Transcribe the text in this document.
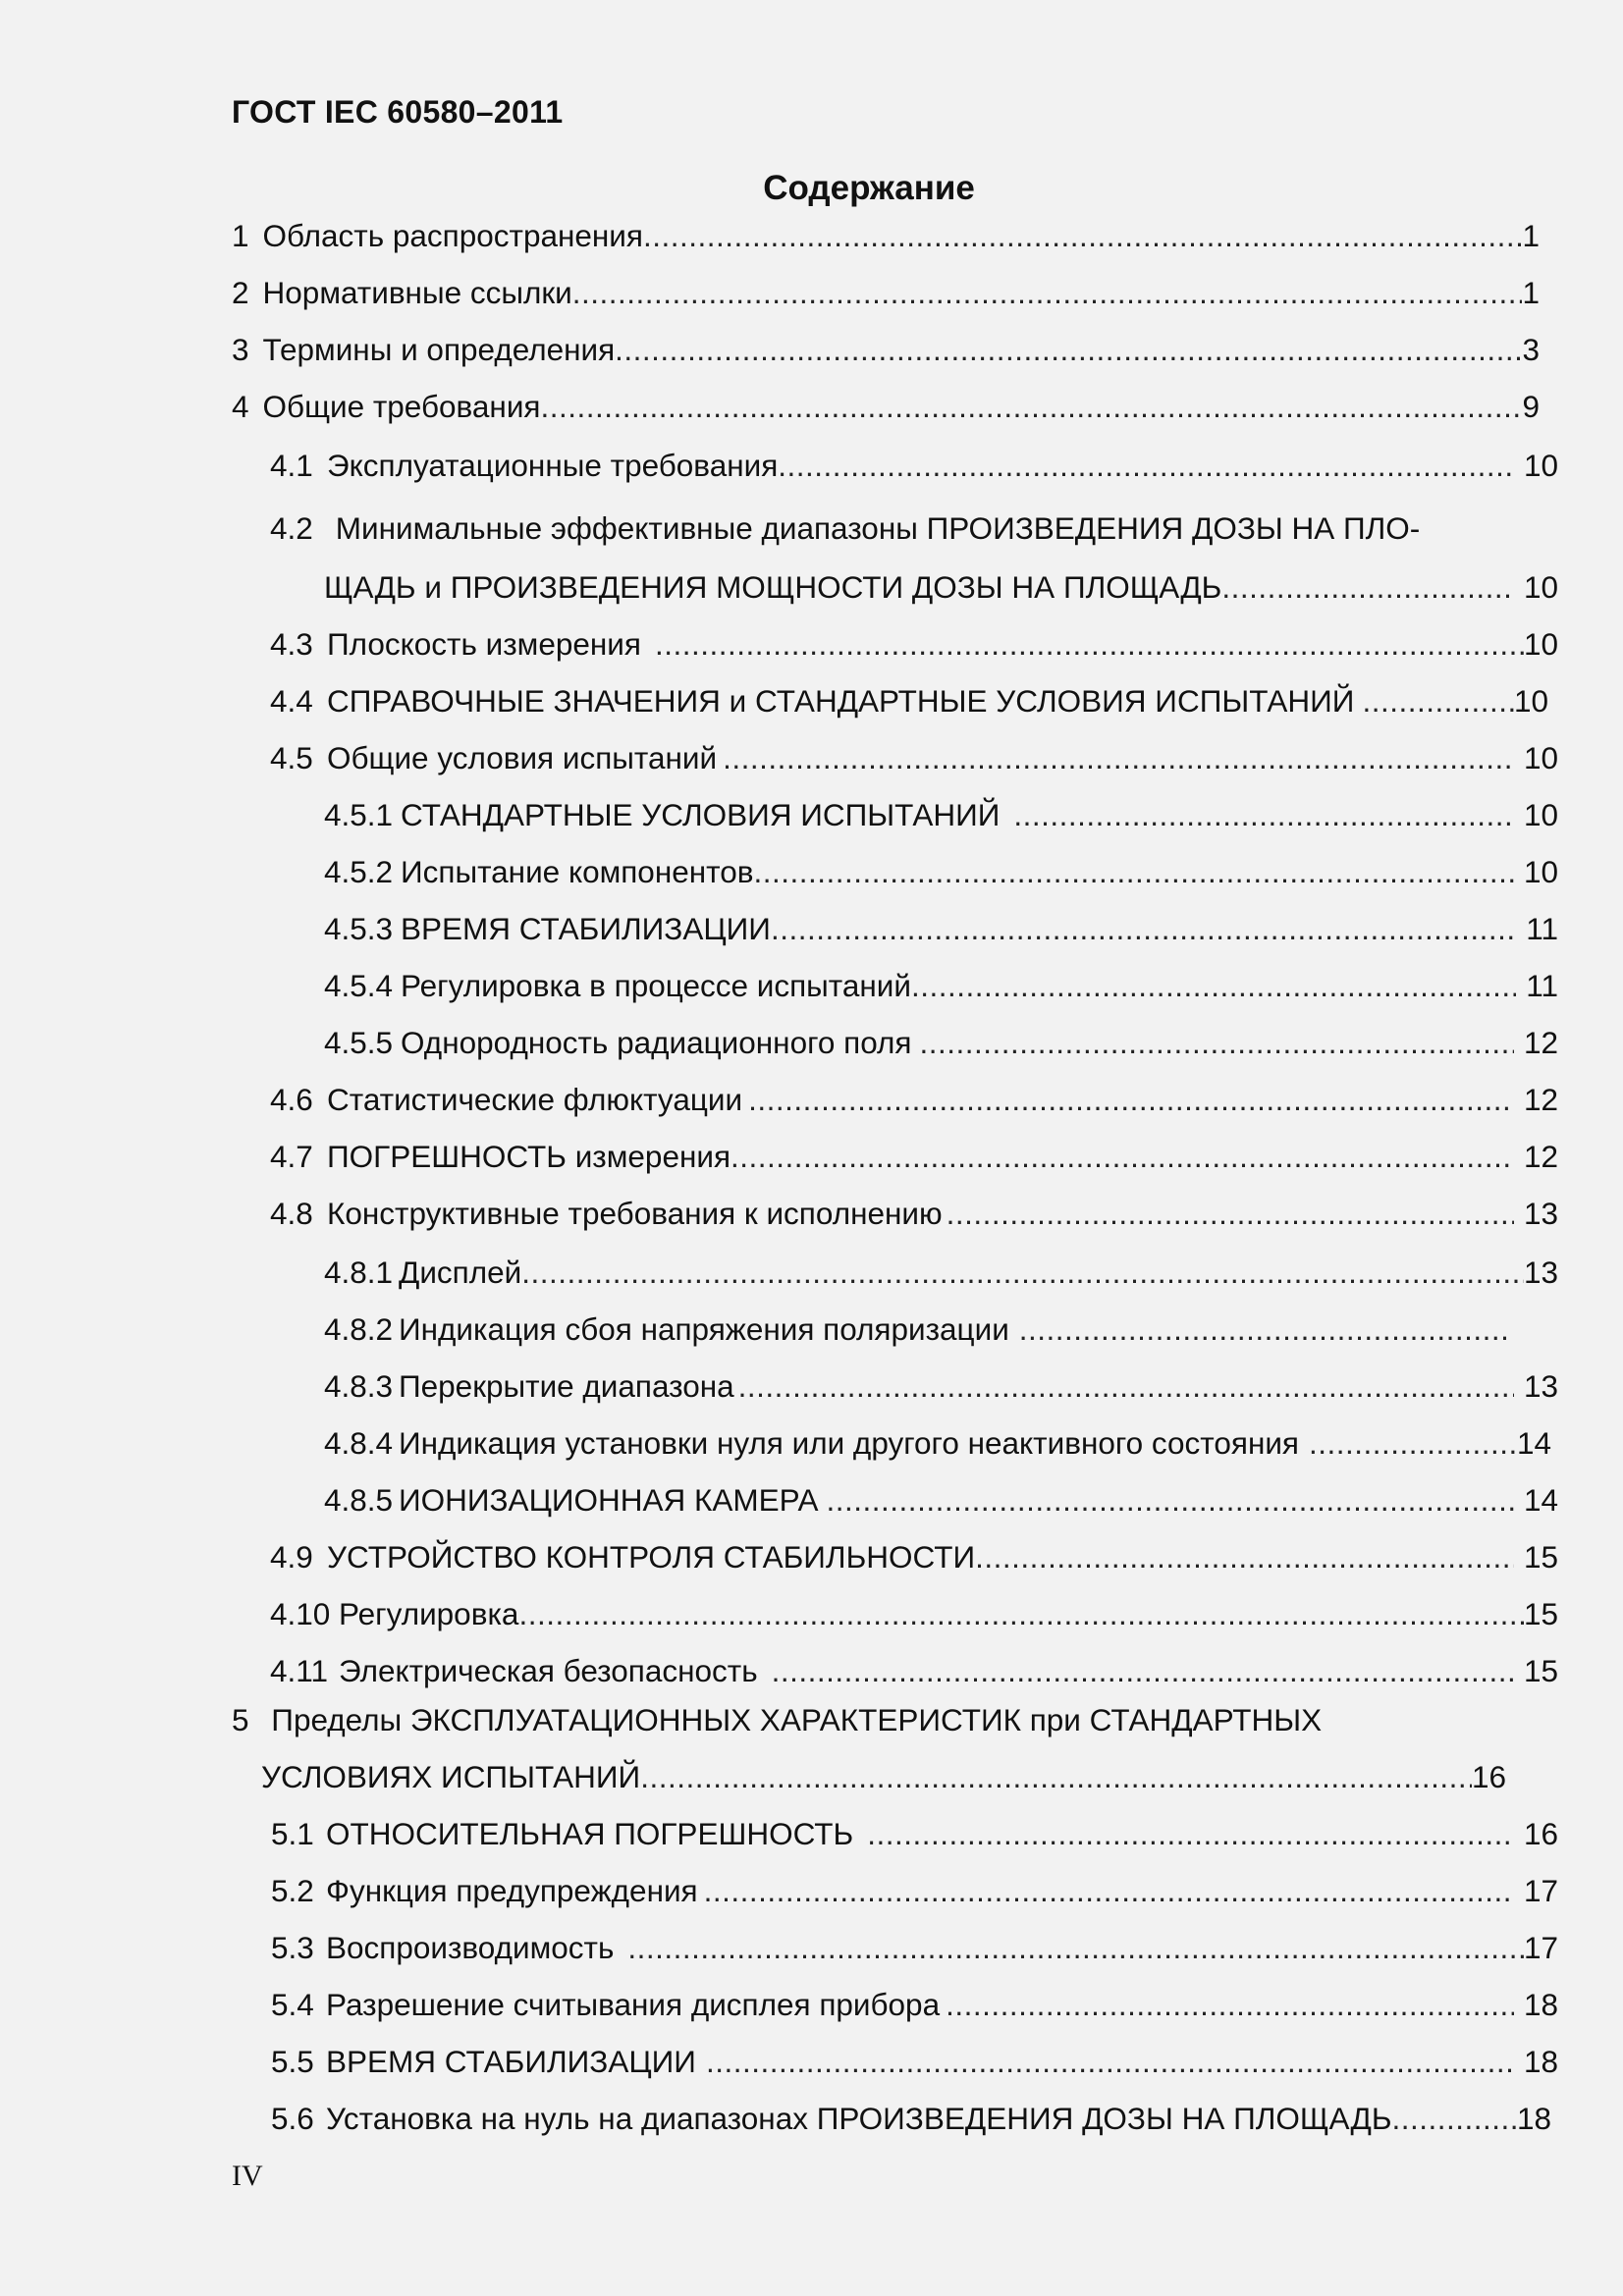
ГОСТ IEC 60580–2011
Содержание
1 Область распространения .....	1
2 Нормативные ссылки .....	1
3 Термины и определения .....	3
4 Общие требования .....	9
4.1 Эксплуатационные требования .....	10
4.2 Минимальные эффективные диапазоны ПРОИЗВЕДЕНИЯ ДОЗЫ НА ПЛО-
ЩАДЬ и ПРОИЗВЕДЕНИЯ МОЩНОСТИ ДОЗЫ НА ПЛОЩАДЬ .....	10
4.3 Плоскость измерения .....	10
4.4 СПРАВОЧНЫЕ ЗНАЧЕНИЯ и СТАНДАРТНЫЕ УСЛОВИЯ ИСПЫТАНИЙ .....	10
4.5 Общие условия испытаний .....	10
4.5.1 СТАНДАРТНЫЕ УСЛОВИЯ ИСПЫТАНИЙ .....	10
4.5.2 Испытание компонентов .....	10
4.5.3 ВРЕМЯ СТАБИЛИЗАЦИИ .....	11
4.5.4 Регулировка в процессе испытаний .....	11
4.5.5 Однородность радиационного поля .....	12
4.6 Статистические флюктуации .....	12
4.7 ПОГРЕШНОСТЬ измерения .....	12
4.8 Конструктивные требования к исполнению .....	13
4.8.1 Дисплей .....	13
4.8.2 Индикация сбоя напряжения поляризации
.....
4.8.3 Перекрытие диапазона .....	13
4.8.4 Индикация установки нуля или другого неактивного состояния .....	14
4.8.5 ИОНИЗАЦИОННАЯ КАМЕРА .....	14
4.9 УСТРОЙСТВО КОНТРОЛЯ СТАБИЛЬНОСТИ .....	15
4.10 Регулировка .....	15
4.11 Электрическая безопасность .....	15
5 Пределы ЭКСПЛУАТАЦИОННЫХ ХАРАКТЕРИСТИК при СТАНДАРТНЫХ
УСЛОВИЯХ ИСПЫТАНИЙ .....	16
5.1 ОТНОСИТЕЛЬНАЯ ПОГРЕШНОСТЬ .....	16
5.2 Функция предупреждения .....	17
5.3 Воспроизводимость .....	17
5.4 Разрешение считывания дисплея прибора .....	18
5.5 ВРЕМЯ СТАБИЛИЗАЦИИ .....	18
5.6 Установка на нуль на диапазонах ПРОИЗВЕДЕНИЯ ДОЗЫ НА ПЛОЩАДЬ .....	18
IV
